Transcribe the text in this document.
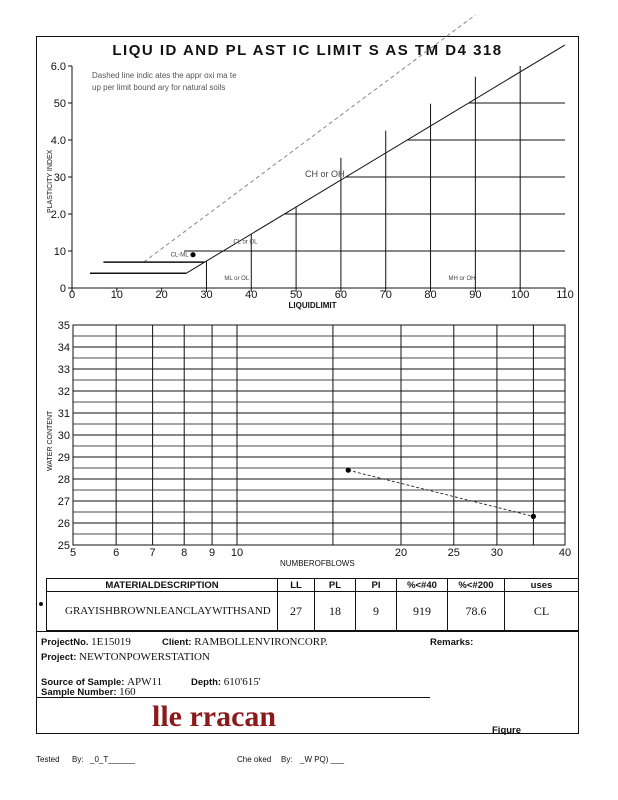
LIQU ID AND PL AST IC LIMIT S AS TM D4 318
0	10	20	30	40	50	60	70	80	90	100 110
0
10
2.0
30
4.0
50
6.0
LIQUIDLIMIT
PLASTICITY INDEX
Dashed line indic ates the appr oxi ma te
up per limit bound ary for natural soils
CL-ML
ML or OL	MH or OH
CL or OL
CH or OH
5	6	7 8 9 10	20	25	30	40
25
26
27
28
29
30
31
32
33
34
35
NUMBEROFBLOWS
WATER CONTENT
MATERIALDESCRIPTION	LL	PL	PI	%<#40	%<#200	uses
GRAYISHBROWNLEANCLAYWITHSAND	27	18	9	919	78.6	CL
ProjectNo. 1E15019	Client: RAMBOLLENVIRONCORP.	Remarks:
Project: NEWTONPOWERSTATION
Source of Sample: APW11	Depth: 610'615'
Sample Number: 160
lle rracan	Fiqure
Tested By: _0_T______	Che oked By: _W PQ) ___
